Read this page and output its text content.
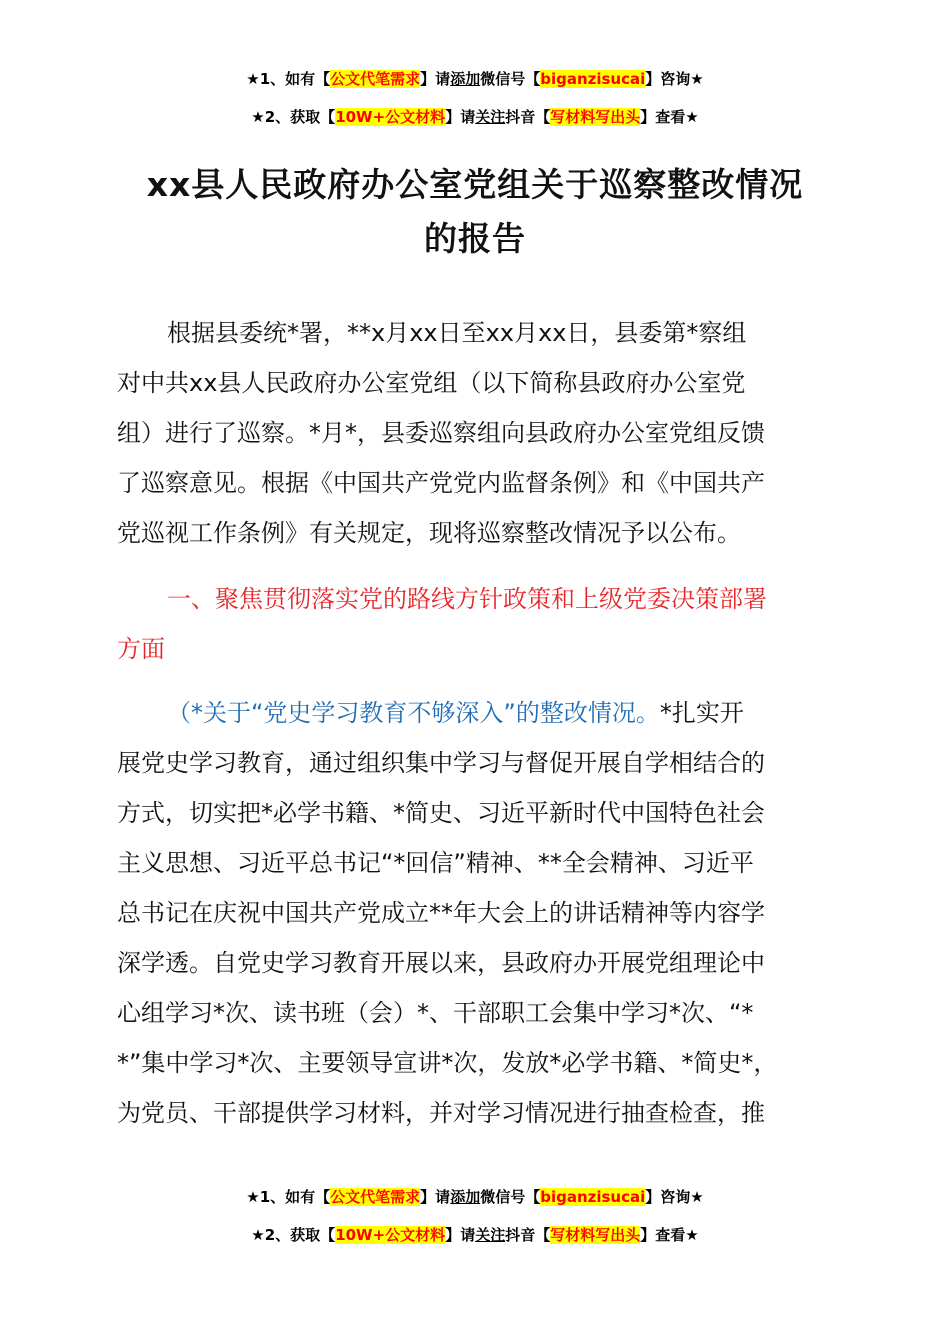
★1、如有【公文代笔需求】请添加微信号【biganzisucai】咨询★
★2、获取【10W+公文材料】请关注抖音【写材料写出头】查看★
xx县人民政府办公室党组关于巡察整改情况
的报告
根据县委统*署，**x月xx日至xx月xx日，县委第*察组
对中共xx县人民政府办公室党组（以下简称县政府办公室党
组）进行了巡察。*月*，县委巡察组向县政府办公室党组反馈
了巡察意见。根据《中国共产党党内监督条例》和《中国共产
党巡视工作条例》有关规定，现将巡察整改情况予以公布。
一、聚焦贯彻落实党的路线方针政策和上级党委决策部署
方面
（*关于“党史学习教育不够深入”的整改情况。*扎实开
展党史学习教育，通过组织集中学习与督促开展自学相结合的
方式，切实把*必学书籍、*简史、习近平新时代中国特色社会
主义思想、习近平总书记“*回信”精神、**全会精神、习近平
总书记在庆祝中国共产党成立**年大会上的讲话精神等内容学
深学透。自党史学习教育开展以来，县政府办开展党组理论中
心组学习*次、读书班（会）*、干部职工会集中学习*次、“*
*”集中学习*次、主要领导宣讲*次，发放*必学书籍、*简史*，
为党员、干部提供学习材料，并对学习情况进行抽查检查，推
★1、如有【公文代笔需求】请添加微信号【biganzisucai】咨询★
★2、获取【10W+公文材料】请关注抖音【写材料写出头】查看★
